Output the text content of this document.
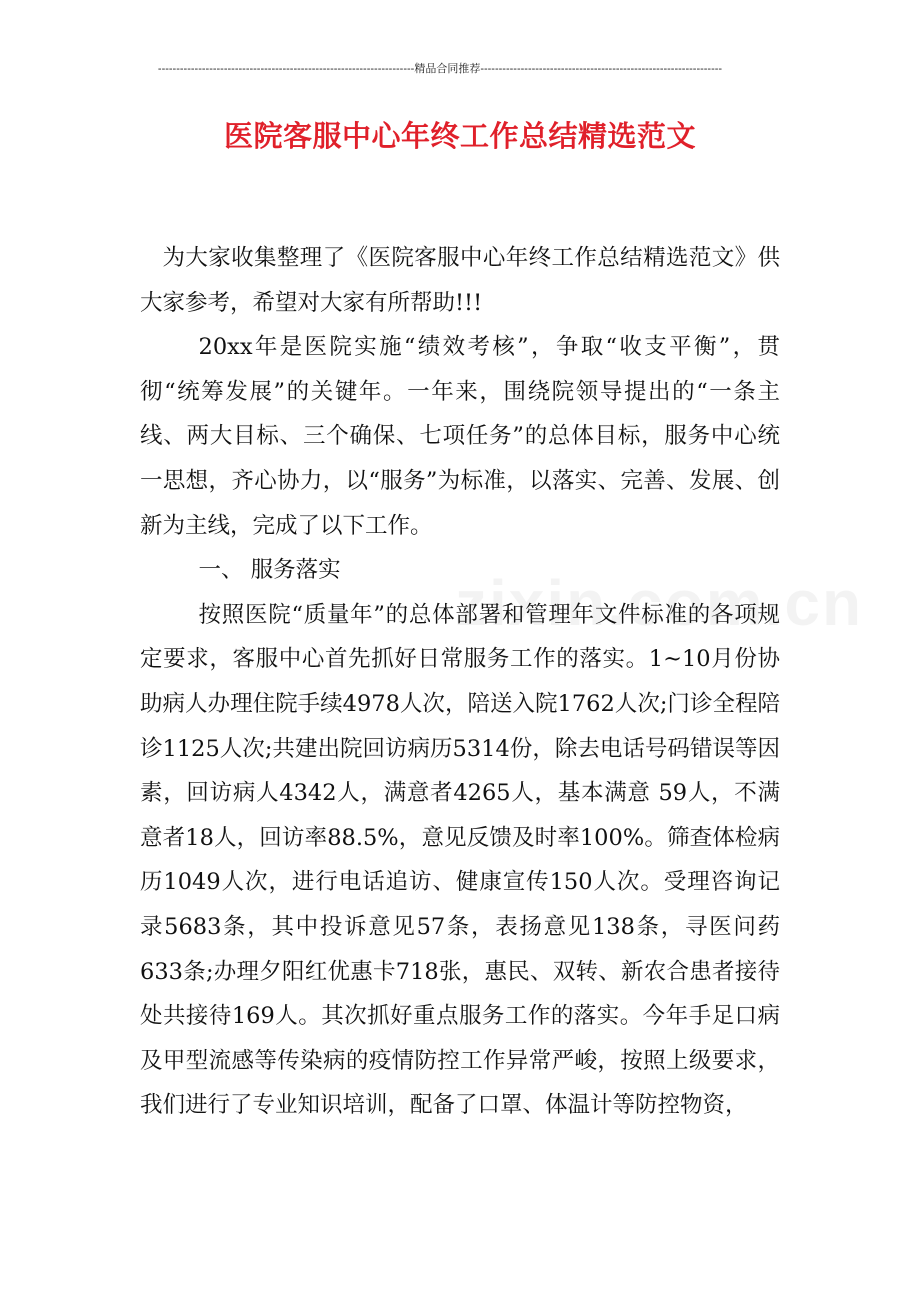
----------------------------------------------------------------------精品合同推荐------------------------------------------------------------------
医院客服中心年终工作总结精选范文

为大家收集整理了《医院客服中心年终工作总结精选范文》供大家参考，希望对大家有所帮助!!!

20xx年是医院实施“绩效考核”，争取“收支平衡”，贯彻“统筹发展”的关键年。一年来，围绕院领导提出的“一条主线、两大目标、三个确保、七项任务”的总体目标，服务中心统一思想，齐心协力，以“服务”为标准，以落实、完善、发展、创新为主线，完成了以下工作。

一、 服务落实

按照医院“质量年”的总体部署和管理年文件标准的各项规定要求，客服中心首先抓好日常服务工作的落实。1~10月份协助病人办理住院手续4978人次，陪送入院1762人次;门诊全程陪诊1125人次;共建出院回访病历5314份，除去电话号码错误等因素，回访病人4342人，满意者4265人，基本满意 59人，不满意者18人，回访率88.5%，意见反馈及时率100%。筛查体检病历1049人次，进行电话追访、健康宣传150人次。受理咨询记录5683条，其中投诉意见57条，表扬意见138条，寻医问药633条;办理夕阳红优惠卡718张，惠民、双转、新农合患者接待处共接待169人。其次抓好重点服务工作的落实。今年手足口病及甲型流感等传染病的疫情防控工作异常严峻，按照上级要求，我们进行了专业知识培训，配备了口罩、体温计等防控物资，
